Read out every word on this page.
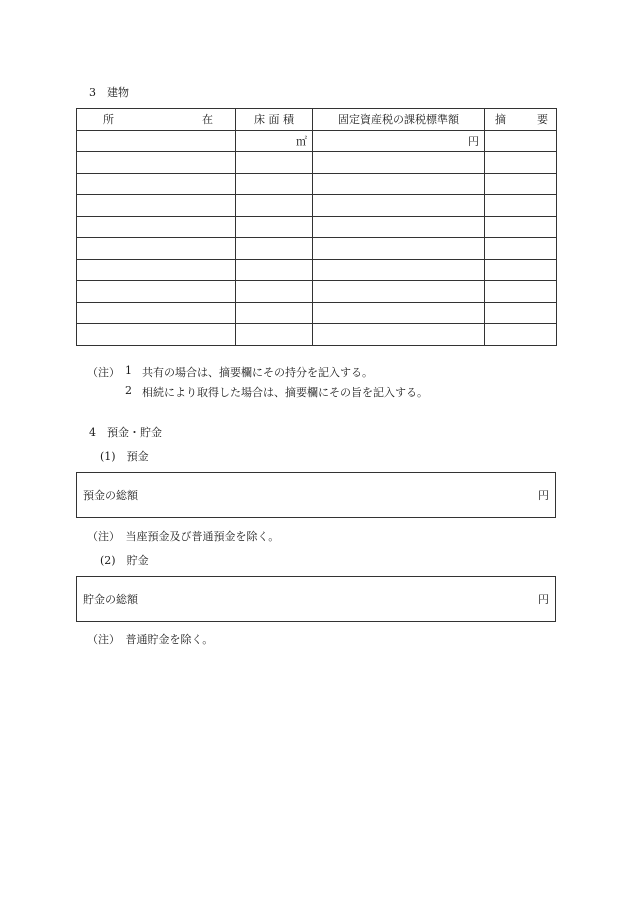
3　建物
所 在	床 面 積	固定資産税の課税標準額	摘 要

	㎡	円	

（注） 1 共有の場合は、摘要欄にその持分を記入する。
2 相続により取得した場合は、摘要欄にその旨を記入する。
4　預金・貯金
(1)　預金
預金の総額	円
（注）　当座預金及び普通預金を除く。
(2)　貯金
貯金の総額	円
（注）　普通貯金を除く。
